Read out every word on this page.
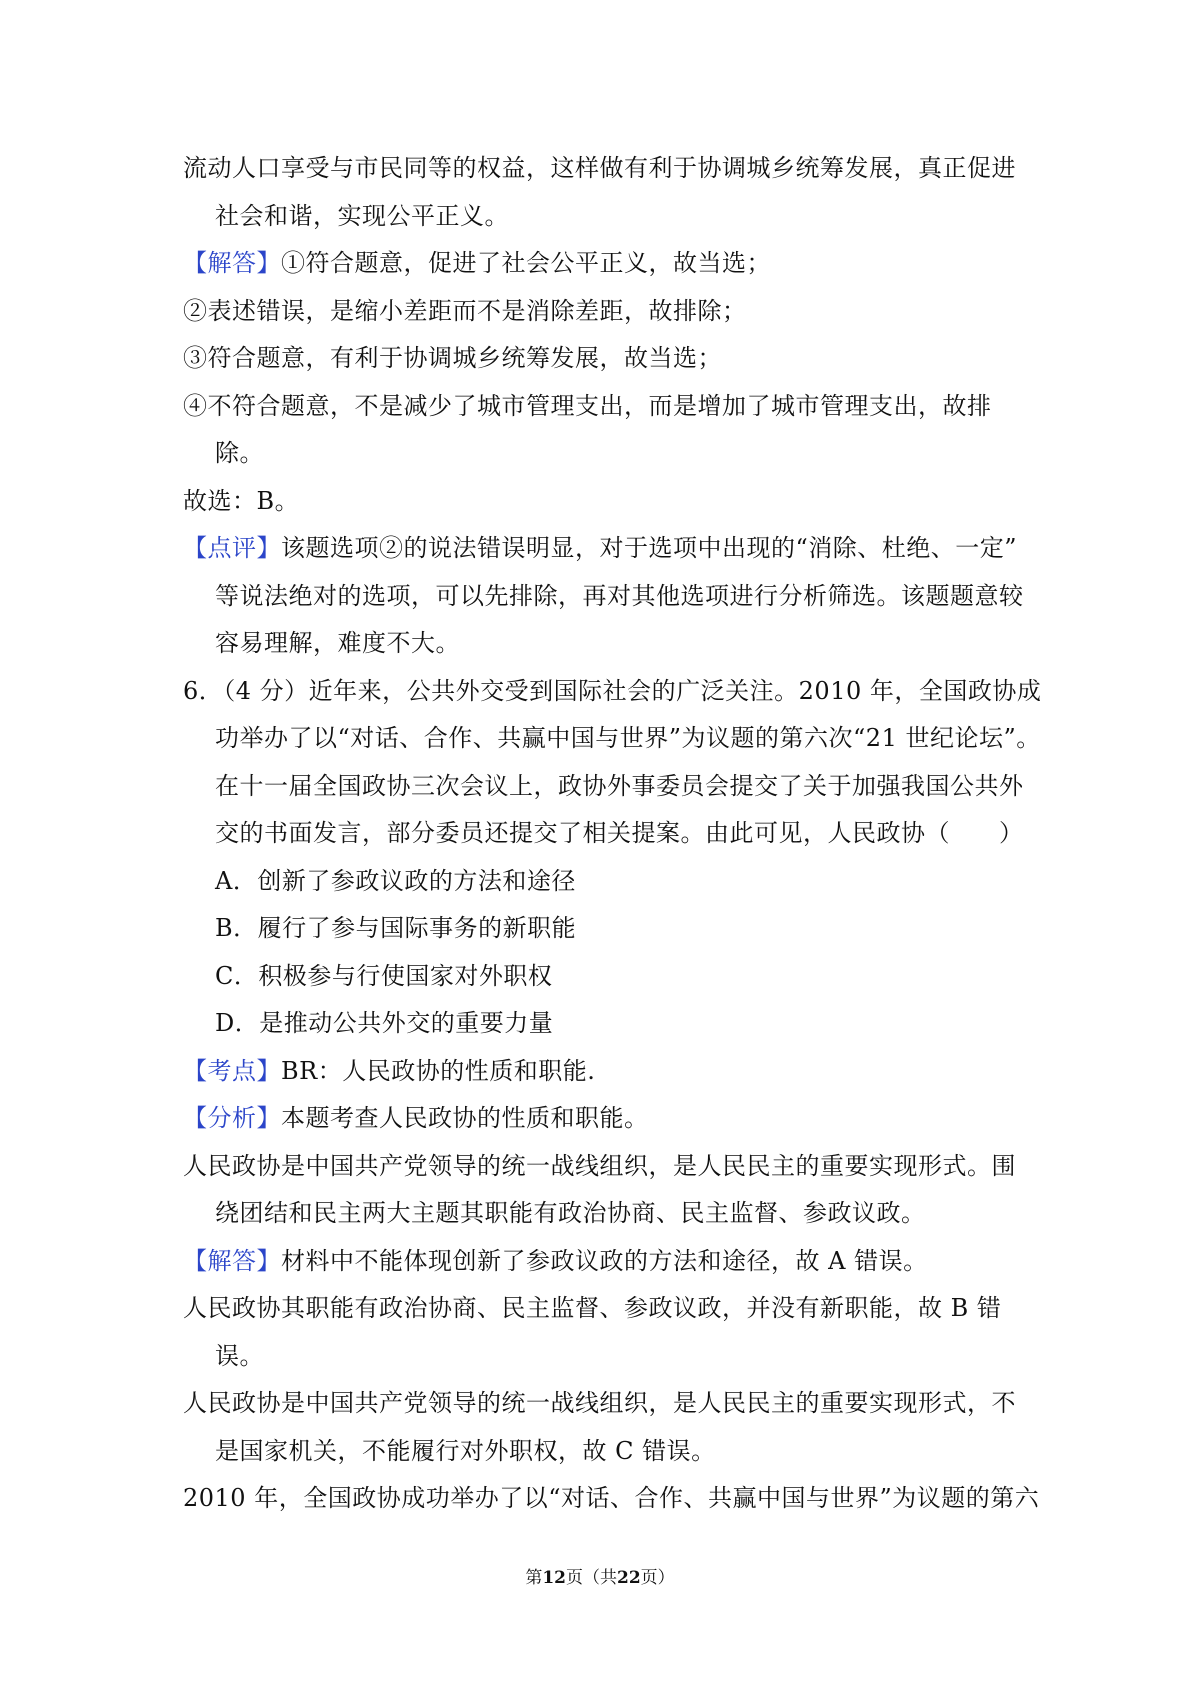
流动人口享受与市民同等的权益，这样做有利于协调城乡统筹发展，真正促进
社会和谐，实现公平正义。
【解答】①符合题意，促进了社会公平正义，故当选；
②表述错误，是缩小差距而不是消除差距，故排除；
③符合题意，有利于协调城乡统筹发展，故当选；
④不符合题意，不是减少了城市管理支出，而是增加了城市管理支出，故排
除。
故选：B。
【点评】该题选项②的说法错误明显，对于选项中出现的“消除、杜绝、一定”
等说法绝对的选项，可以先排除，再对其他选项进行分析筛选。该题题意较
容易理解，难度不大。
6．（4 分）近年来，公共外交受到国际社会的广泛关注。2010 年，全国政协成
功举办了以“对话、合作、共赢中国与世界”为议题的第六次“21 世纪论坛”。
在十一届全国政协三次会议上，政协外事委员会提交了关于加强我国公共外
交的书面发言，部分委员还提交了相关提案。由此可见，人民政协（　　）
A．创新了参政议政的方法和途径
B．履行了参与国际事务的新职能
C．积极参与行使国家对外职权
D．是推动公共外交的重要力量
【考点】BR：人民政协的性质和职能.
【分析】本题考查人民政协的性质和职能。
人民政协是中国共产党领导的统一战线组织，是人民民主的重要实现形式。围
绕团结和民主两大主题其职能有政治协商、民主监督、参政议政。
【解答】材料中不能体现创新了参政议政的方法和途径，故 A 错误。
人民政协其职能有政治协商、民主监督、参政议政，并没有新职能，故 B 错
误。
人民政协是中国共产党领导的统一战线组织，是人民民主的重要实现形式，不
是国家机关，不能履行对外职权，故 C 错误。
2010 年，全国政协成功举办了以“对话、合作、共赢中国与世界”为议题的第六
第12页（共22页）
